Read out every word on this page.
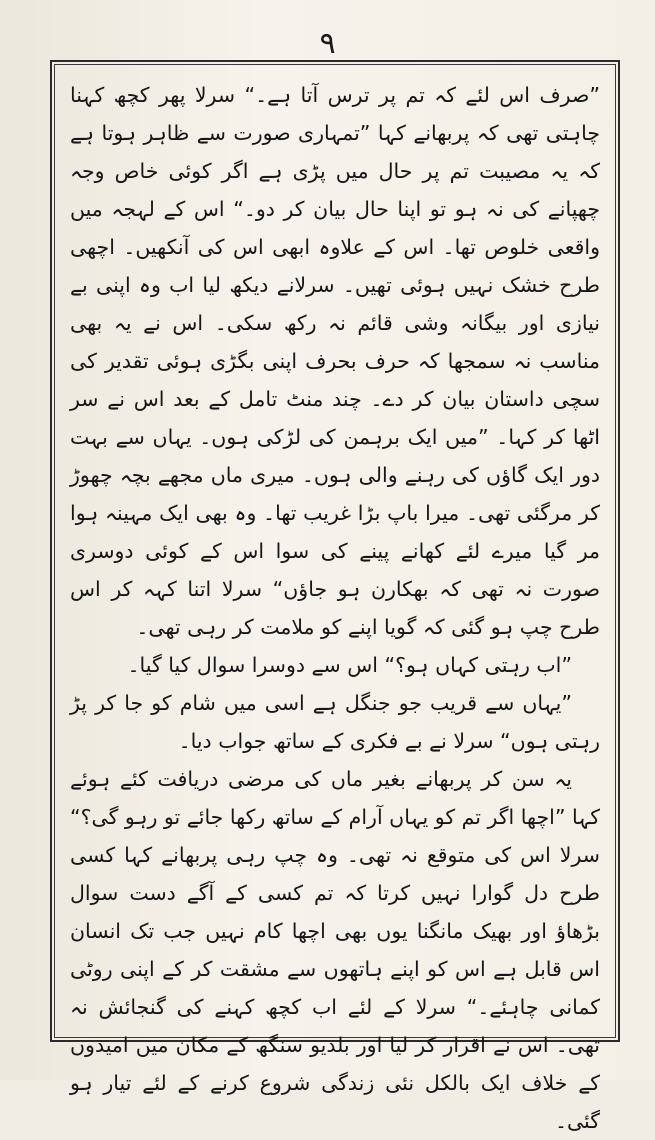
۹

”صرف اس لئے کہ تم پر ترس آتا ہے۔“ سرلا پھر کچھ کہنا چاہتی تھی کہ پربھانے کہا ”تمہاری صورت سے ظاہر ہوتا ہے کہ یہ مصیبت تم پر حال میں پڑی ہے اگر کوئی خاص وجہ چھپانے کی نہ ہو تو اپنا حال بیان کر دو۔“ اس کے لہجہ میں واقعی خلوص تھا۔ اس کے علاوہ ابھی اس کی آنکھیں۔ اچھی طرح خشک نہیں ہوئی تھیں۔ سرلانے دیکھ لیا اب وہ اپنی بے نیازی اور بیگانہ وشی قائم نہ رکھ سکی۔ اس نے یہ بھی مناسب نہ سمجھا کہ حرف بحرف اپنی بگڑی ہوئی تقدیر کی سچی داستان بیان کر دے۔ چند منٹ تامل کے بعد اس نے سر اٹھا کر کہا۔ ”میں ایک برہمن کی لڑکی ہوں۔ یہاں سے بہت دور ایک گاؤں کی رہنے والی ہوں۔ میری ماں مجھے بچہ چھوڑ کر مرگئی تھی۔ میرا باپ بڑا غریب تھا۔ وہ بھی ایک مہینہ ہوا مر گیا میرے لئے کھانے پینے کی سوا اس کے کوئی دوسری صورت نہ تھی کہ بھکارن ہو جاؤں“ سرلا اتنا کہہ کر اس طرح چپ ہو گئی کہ گویا اپنے کو ملامت کر رہی تھی۔

”اب رہتی کہاں ہو؟“ اس سے دوسرا سوال کیا گیا۔

”یہاں سے قریب جو جنگل ہے اسی میں شام کو جا کر پڑ رہتی ہوں“ سرلا نے بے فکری کے ساتھ جواب دیا۔

یہ سن کر پربھانے بغیر ماں کی مرضی دریافت کئے ہوئے کہا ”اچھا اگر تم کو یہاں آرام کے ساتھ رکھا جائے تو رہو گی؟“ سرلا اس کی متوقع نہ تھی۔ وہ چپ رہی پربھانے کہا کسی طرح دل گوارا نہیں کرتا کہ تم کسی کے آگے دست سوال بڑھاؤ اور بھیک مانگنا یوں بھی اچھا کام نہیں جب تک انسان اس قابل ہے اس کو اپنے ہاتھوں سے مشقت کر کے اپنی روٹی کمانی چاہئے۔“ سرلا کے لئے اب کچھ کہنے کی گنجائش نہ تھی۔ اس نے اقرار کر لیا اور بلدیو سنگھ کے مکان میں امیدوں کے خلاف ایک بالکل نئی زندگی شروع کرنے کے لئے تیار ہو گئی۔
